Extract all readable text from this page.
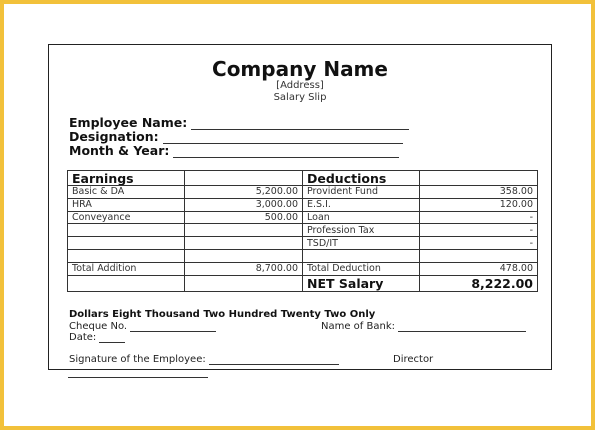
Company Name
[Address]
Salary Slip
Employee Name:
Designation:
Month & Year:
Earnings		Deductions	
Basic & DA	5,200.00	Provident Fund	358.00
HRA	3,000.00	E.S.I.	120.00
Conveyance	500.00	Loan	-
		Profession Tax	-
		TSD/IT	-

Total Addition	8,700.00	Total Deduction	478.00
		NET Salary	8,222.00
Dollars Eight Thousand Two Hundred Twenty Two Only
Cheque No.
Date:
Name of Bank:
Signature of the Employee:	Director
